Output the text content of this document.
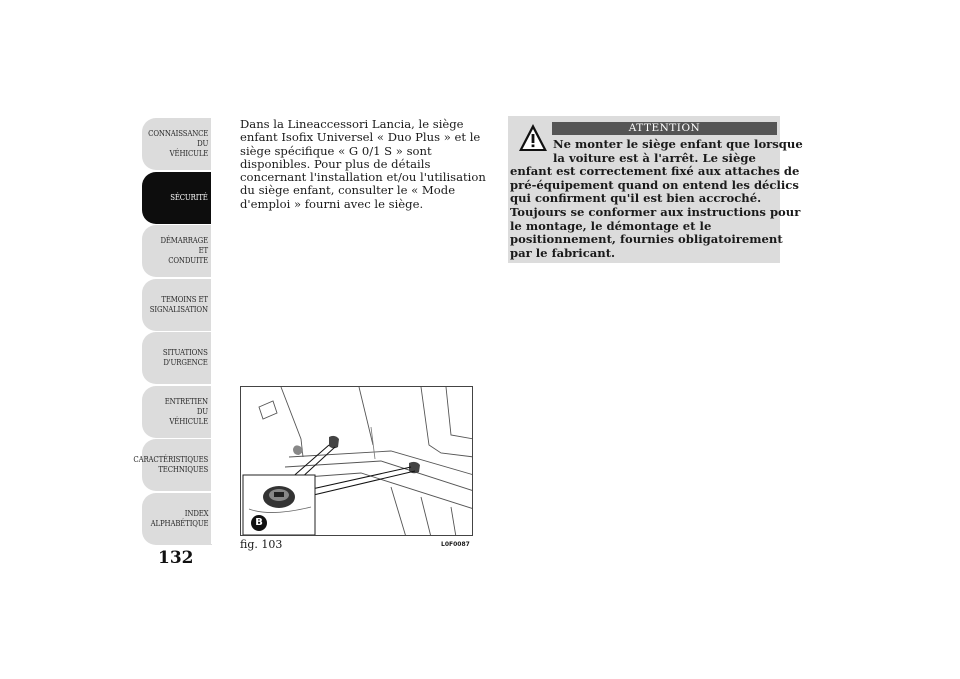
CONNAISSANCE DU
VÉHICULE
SÉCURITÉ
DÉMARRAGE ET
CONDUITE
TEMOINS ET
SIGNALISATION
SITUATIONS
D'URGENCE
ENTRETIEN DU
VÉHICULE
CARACTÉRISTIQUES
TECHNIQUES
INDEX
ALPHABÉTIQUE
132
Dans la Lineaccessori Lancia, le siège enfant Isofix Universel « Duo Plus » et le siège spécifique « G 0/1 S » sont disponibles. Pour plus de détails concernant l'installation et/ou l'utilisation du siège enfant, consulter le « Mode d'emploi » fourni avec le siège.
ATTENTION
Ne monter le siège enfant que lorsque
la voiture est à l'arrêt. Le siège
enfant est correctement fixé aux attaches de
pré-équipement quand on entend les déclics
qui confirment qu'il est bien accroché.
Toujours se conformer aux instructions pour
le montage, le démontage et le
positionnement, fournies obligatoirement
par le fabricant.
B
fig. 103	L0F0087
